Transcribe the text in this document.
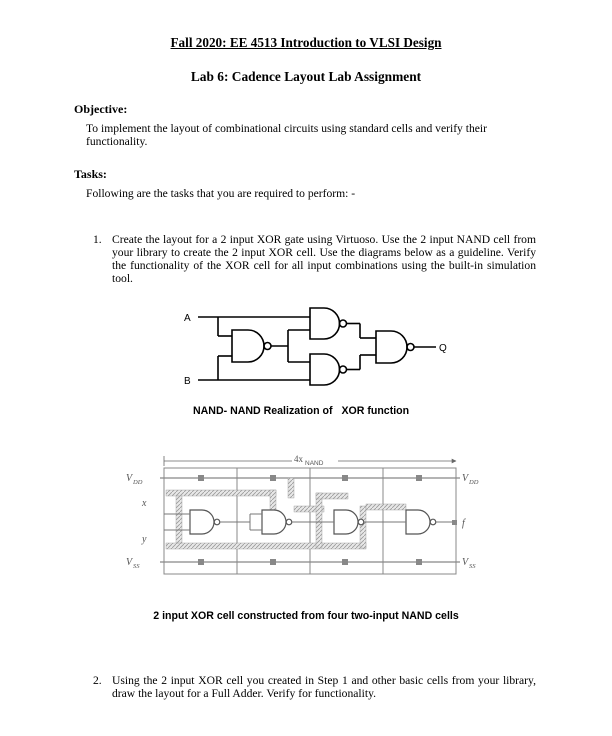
Fall 2020: EE 4513 Introduction to VLSI Design
Lab 6: Cadence Layout Lab Assignment
Objective:
To implement the layout of combinational circuits using standard cells and verify their functionality.
Tasks:
Following are the tasks that you are required to perform: -
1. Create the layout for a 2 input XOR gate using Virtuoso. Use the 2 input NAND cell from your library to create the 2 input XOR cell. Use the diagrams below as a guideline. Verify the functionality of the XOR cell for all input combinations using the built-in simulation tool.
A
B
Q
NAND- NAND Realization of XOR function
4x NAND
V DD
V SS
V DD
V SS
x
y
f
2 input XOR cell constructed from four two-input NAND cells
2. Using the 2 input XOR cell you created in Step 1 and other basic cells from your library, draw the layout for a Full Adder. Verify for functionality.
